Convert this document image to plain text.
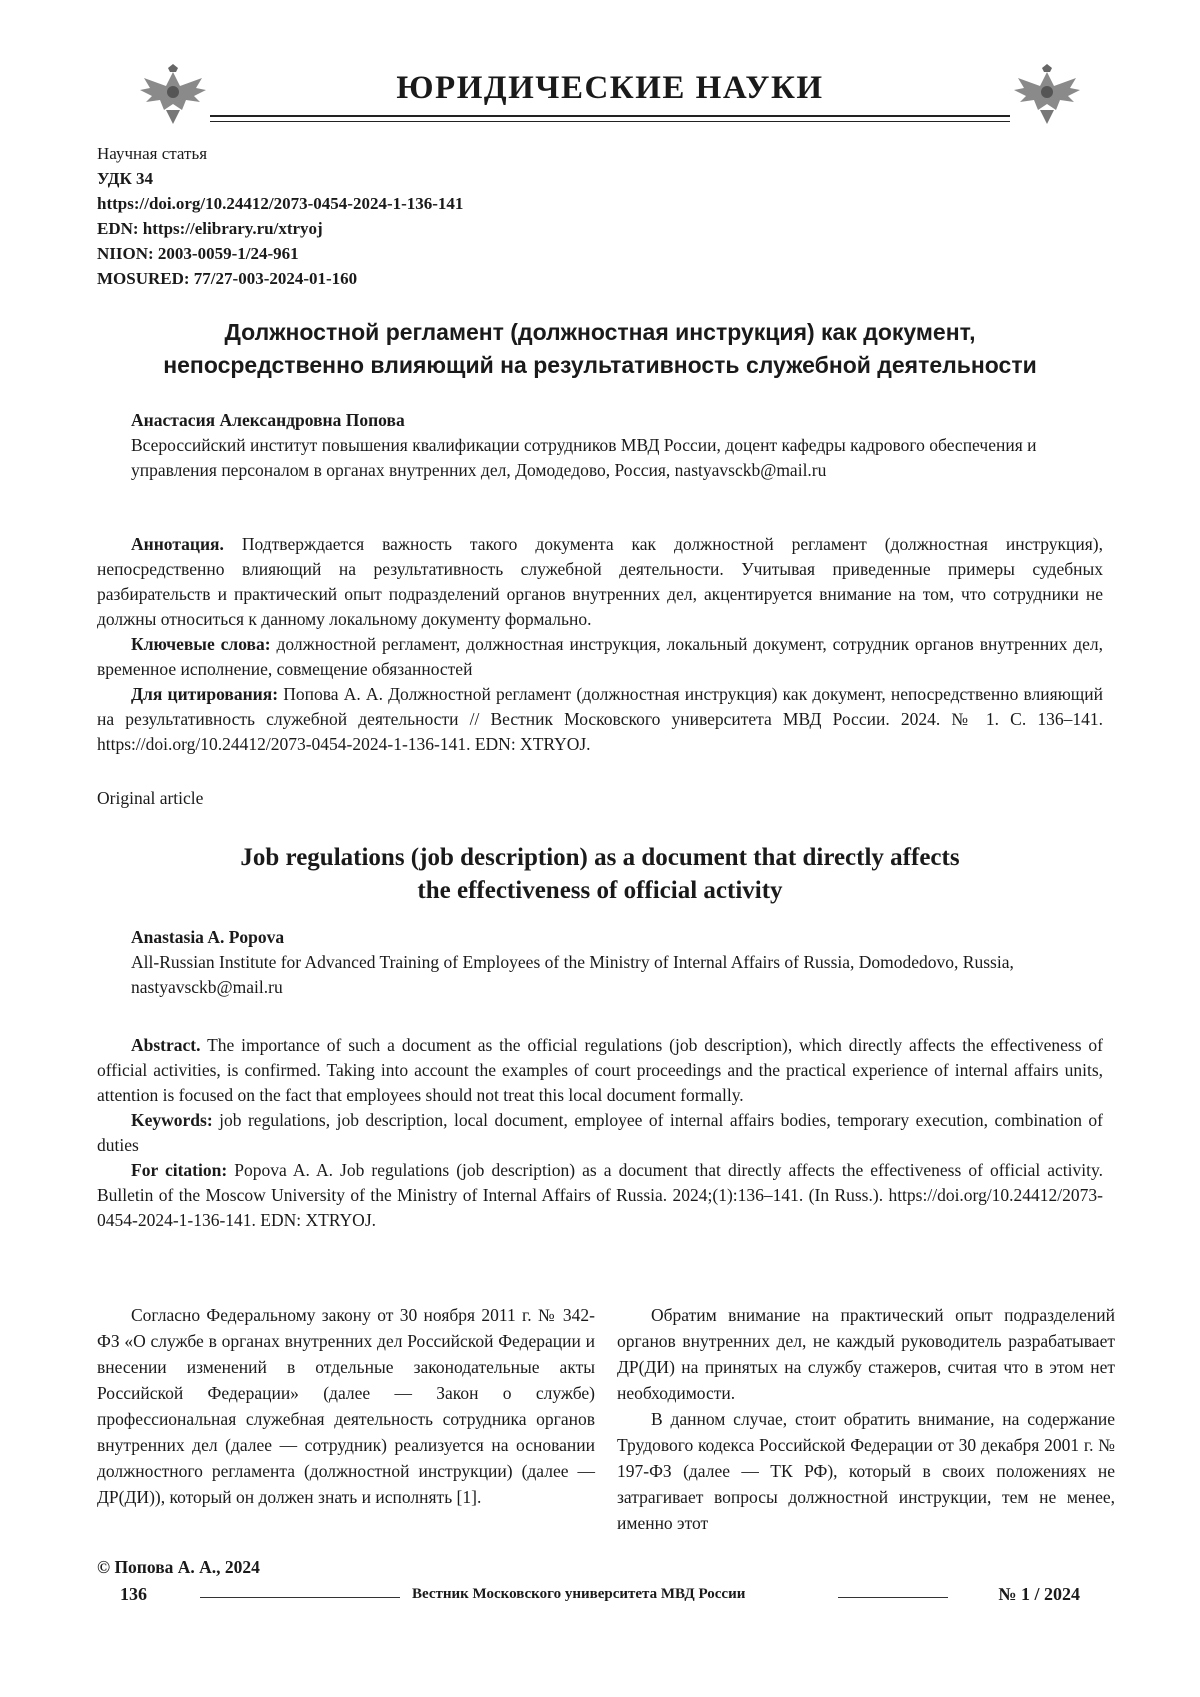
ЮРИДИЧЕСКИЕ НАУКИ
Научная статья
УДК 34
https://doi.org/10.24412/2073-0454-2024-1-136-141
EDN: https://elibrary.ru/xtryoj
NIION: 2003-0059-1/24-961
MOSURED: 77/27-003-2024-01-160
Должностной регламент (должностная инструкция) как документ,
непосредственно влияющий на результативность служебной деятельности
Анастасия Александровна Попова
Всероссийский институт повышения квалификации сотрудников МВД России, доцент кафедры кадрового обеспечения и управления персоналом в органах внутренних дел, Домодедово, Россия, nastyavsckb@mail.ru

Аннотация. Подтверждается важность такого документа как должностной регламент (должностная инструкция), непосредственно влияющий на результативность служебной деятельности. Учитывая приведенные примеры судебных разбирательств и практический опыт подразделений органов внутренних дел, акцентируется внимание на том, что сотрудники не должны относиться к данному локальному документу формально.

Ключевые слова: должностной регламент, должностная инструкция, локальный документ, сотрудник органов внутренних дел, временное исполнение, совмещение обязанностей

Для цитирования: Попова А. А. Должностной регламент (должностная инструкция) как документ, непосредственно влияющий на результативность служебной деятельности // Вестник Московского университета МВД России. 2024. № 1. С. 136–141. https://doi.org/10.24412/2073-0454-2024-1-136-141. EDN: XTRYOJ.

Original article
Job regulations (job description) as a document that directly affects
the effectiveness of official activity
Anastasia A. Popova
All-Russian Institute for Advanced Training of Employees of the Ministry of Internal Affairs of Russia, Domodedovo, Russia, nastyavsckb@mail.ru

Abstract. The importance of such a document as the official regulations (job description), which directly affects the effectiveness of official activities, is confirmed. Taking into account the examples of court proceedings and the practical experience of internal affairs units, attention is focused on the fact that employees should not treat this local document formally.

Keywords: job regulations, job description, local document, employee of internal affairs bodies, temporary execution, combination of duties

For citation: Popova A. A. Job regulations (job description) as a document that directly affects the effectiveness of official activity. Bulletin of the Moscow University of the Ministry of Internal Affairs of Russia. 2024;(1):136–141. (In Russ.). https://doi.org/10.24412/2073-0454-2024-1-136-141. EDN: XTRYOJ.

Согласно Федеральному закону от 30 ноября 2011 г. № 342-ФЗ «О службе в органах внутренних дел Российской Федерации и внесении изменений в отдельные законодательные акты Российской Федерации» (далее — Закон о службе) профессиональная служебная деятельность сотрудника органов внутренних дел (далее — сотрудник) реализуется на основании должностного регламента (должностной инструкции) (далее — ДР(ДИ)), который он должен знать и исполнять [1].

Обратим внимание на практический опыт подразделений органов внутренних дел, не каждый руководитель разрабатывает ДР(ДИ) на принятых на службу стажеров, считая что в этом нет необходимости.

В данном случае, стоит обратить внимание, на содержание Трудового кодекса Российской Федерации от 30 декабря 2001 г. № 197-ФЗ (далее — ТК РФ), который в своих положениях не затрагивает вопросы должностной инструкции, тем не менее, именно этот

© Попова А. А., 2024
136	Вестник Московского университета МВД России	№ 1 / 2024
